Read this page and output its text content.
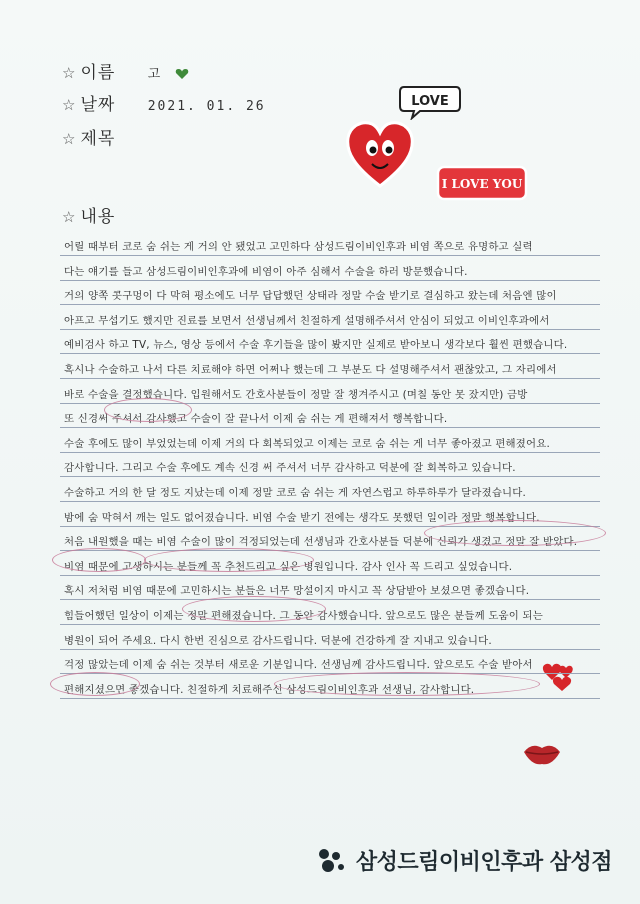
☆ 이름 고
☆ 날짜 2021. 01. 26
☆ 제목
☆ 내용
LOVE
I LOVE YOU
어릴 때부터 코로 숨 쉬는 게 거의 안 됐었고 고민하다 삼성드림이비인후과 비염 쪽으로 유명하고 실력
다는 얘기를 들고 삼성드림이비인후과에 비염이 아주 심해서 수술을 하러 방문했습니다.
거의 양쪽 콧구멍이 다 막혀 평소에도 너무 답답했던 상태라 정말 수술 받기로 결심하고 왔는데 처음엔 많이
아프고 무섭기도 했지만 진료를 보면서 선생님께서 친절하게 설명해주셔서 안심이 되었고 이비인후과에서
예비검사 하고 TV, 뉴스, 영상 등에서 수술 후기들을 많이 봤지만 실제로 받아보니 생각보다 훨씬 편했습니다.
혹시나 수술하고 나서 다른 치료해야 하면 어쩌나 했는데 그 부분도 다 설명해주셔서 괜찮았고, 그 자리에서
바로 수술을 결정했습니다. 입원해서도 간호사분들이 정말 잘 챙겨주시고 (며칠 동안 못 잤지만) 금방
또 신경써 주셔서 감사했고 수술이 잘 끝나서 이제 숨 쉬는 게 편해져서 행복합니다.
수술 후에도 많이 부었었는데 이제 거의 다 회복되었고 이제는 코로 숨 쉬는 게 너무 좋아졌고 편해졌어요.
감사합니다. 그리고 수술 후에도 계속 신경 써 주셔서 너무 감사하고 덕분에 잘 회복하고 있습니다.
수술하고 거의 한 달 정도 지났는데 이제 정말 코로 숨 쉬는 게 자연스럽고 하루하루가 달라졌습니다.
밤에 숨 막혀서 깨는 일도 없어졌습니다. 비염 수술 받기 전에는 생각도 못했던 일이라 정말 행복합니다.
처음 내원했을 때는 비염 수술이 많이 걱정되었는데 선생님과 간호사분들 덕분에 신뢰가 생겼고 정말 잘 받았다.
비염 때문에 고생하시는 분들께 꼭 추천드리고 싶은 병원입니다. 감사 인사 꼭 드리고 싶었습니다.
혹시 저처럼 비염 때문에 고민하시는 분들은 너무 망설이지 마시고 꼭 상담받아 보셨으면 좋겠습니다.
힘들어했던 일상이 이제는 정말 편해졌습니다. 그 동안 감사했습니다. 앞으로도 많은 분들께 도움이 되는
병원이 되어 주세요. 다시 한번 진심으로 감사드립니다. 덕분에 건강하게 잘 지내고 있습니다.
걱정 많았는데 이제 숨 쉬는 것부터 새로운 기분입니다. 선생님께 감사드립니다. 앞으로도 수술 받아서
편해지셨으면 좋겠습니다. 친절하게 치료해주신 삼성드림이비인후과 선생님, 감사합니다.
삼성드림이비인후과 삼성점
